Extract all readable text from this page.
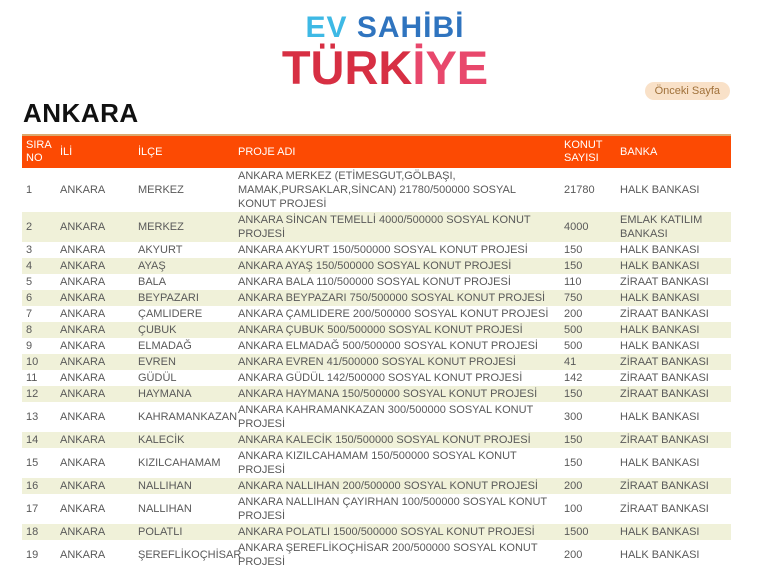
EV SAHİBİ
TÜRKİYE	Önceki Sayfa
ANKARA
SIRA NO	İLİ	İLÇE	PROJE ADI	KONUT SAYISI	BANKA
1	ANKARA	MERKEZ	ANKARA MERKEZ (ETİMESGUT,GÖLBAŞI, MAMAK,PURSAKLAR,SİNCAN) 21780/500000 SOSYAL KONUT PROJESİ	21780	HALK BANKASI
2	ANKARA	MERKEZ	ANKARA SİNCAN TEMELLİ 4000/500000 SOSYAL KONUT PROJESİ	4000	EMLAK KATILIM BANKASI
3	ANKARA	AKYURT	ANKARA AKYURT 150/500000 SOSYAL KONUT PROJESİ	150	HALK BANKASI
4	ANKARA	AYAŞ	ANKARA AYAŞ 150/500000 SOSYAL KONUT PROJESİ	150	HALK BANKASI
5	ANKARA	BALA	ANKARA BALA 110/500000 SOSYAL KONUT PROJESİ	110	ZİRAAT BANKASI
6	ANKARA	BEYPAZARI	ANKARA BEYPAZARI 750/500000 SOSYAL KONUT PROJESİ	750	HALK BANKASI
7	ANKARA	ÇAMLIDERE	ANKARA ÇAMLIDERE 200/500000 SOSYAL KONUT PROJESİ	200	ZİRAAT BANKASI
8	ANKARA	ÇUBUK	ANKARA ÇUBUK 500/500000 SOSYAL KONUT PROJESİ	500	HALK BANKASI
9	ANKARA	ELMADAĞ	ANKARA ELMADAĞ 500/500000 SOSYAL KONUT PROJESİ	500	HALK BANKASI
10	ANKARA	EVREN	ANKARA EVREN 41/500000 SOSYAL KONUT PROJESİ	41	ZİRAAT BANKASI
11	ANKARA	GÜDÜL	ANKARA GÜDÜL 142/500000 SOSYAL KONUT PROJESİ	142	ZİRAAT BANKASI
12	ANKARA	HAYMANA	ANKARA HAYMANA 150/500000 SOSYAL KONUT PROJESİ	150	ZİRAAT BANKASI
13	ANKARA	KAHRAMANKAZAN	ANKARA KAHRAMANKAZAN 300/500000 SOSYAL KONUT PROJESİ	300	HALK BANKASI
14	ANKARA	KALECİK	ANKARA KALECİK 150/500000 SOSYAL KONUT PROJESİ	150	ZİRAAT BANKASI
15	ANKARA	KIZILCAHAMAM	ANKARA KIZILCAHAMAM 150/500000 SOSYAL KONUT PROJESİ	150	HALK BANKASI
16	ANKARA	NALLIHAN	ANKARA NALLIHAN 200/500000 SOSYAL KONUT PROJESİ	200	ZİRAAT BANKASI
17	ANKARA	NALLIHAN	ANKARA NALLIHAN ÇAYIRHAN 100/500000 SOSYAL KONUT PROJESİ	100	ZİRAAT BANKASI
18	ANKARA	POLATLI	ANKARA POLATLI 1500/500000 SOSYAL KONUT PROJESİ	1500	HALK BANKASI
19	ANKARA	ŞEREFLİKOÇHİSAR	ANKARA ŞEREFLİKOÇHİSAR 200/500000 SOSYAL KONUT PROJESİ	200	HALK BANKASI
